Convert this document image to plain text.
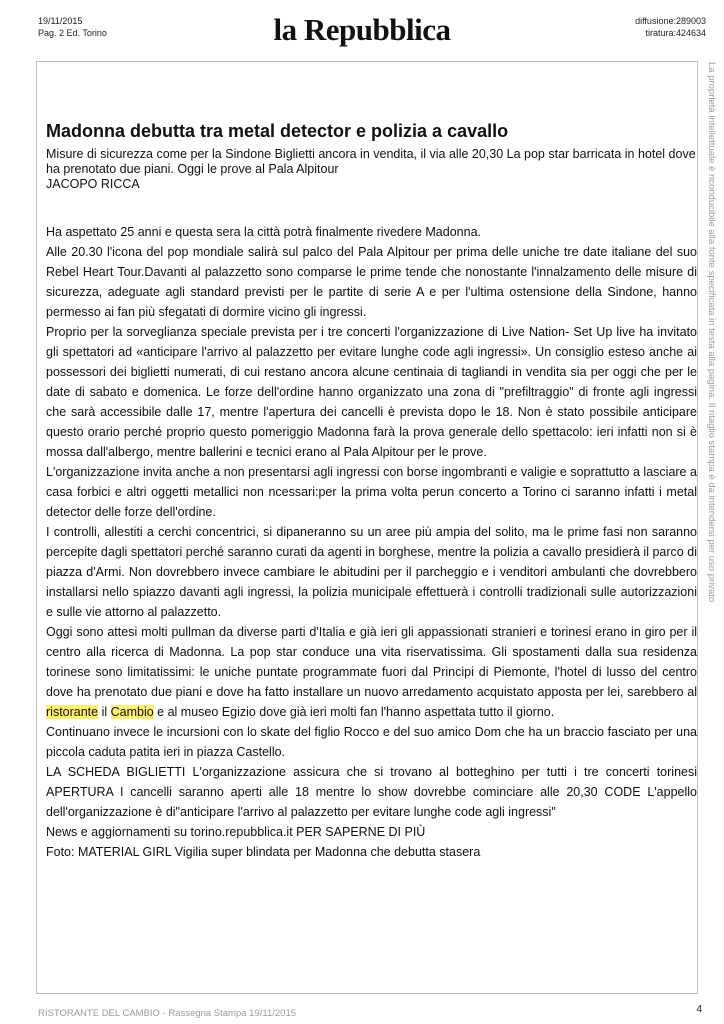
19/11/2015
Pag. 2 Ed. Torino	la Repubblica	diffusione:289003
tiratura:424634
La proprietà intellettuale è riconducibile alla fonte specificata in testa alla pagina. Il ritaglio stampa è da intendersi per uso privato
Madonna debutta tra metal detector e polizia a cavallo
Misure di sicurezza come per la Sindone Biglietti ancora in vendita, il via alle 20,30 La pop star barricata in hotel dove ha prenotato due piani. Oggi le prove al Pala Alpitour
JACOPO RICCA

Ha aspettato 25 anni e questa sera la città potrà finalmente rivedere Madonna.

Alle 20.30 l'icona del pop mondiale salirà sul palco del Pala Alpitour per prima delle uniche tre date italiane del suo Rebel Heart Tour.Davanti al palazzetto sono comparse le prime tende che nonostante l'innalzamento delle misure di sicurezza, adeguate agli standard previsti per le partite di serie A e per l'ultima ostensione della Sindone, hanno permesso ai fan più sfegatati di dormire vicino gli ingressi.

Proprio per la sorveglianza speciale prevista per i tre concerti l'organizzazione di Live Nation- Set Up live ha invitato gli spettatori ad «anticipare l'arrivo al palazzetto per evitare lunghe code agli ingressi». Un consiglio esteso anche ai possessori dei biglietti numerati, di cui restano ancora alcune centinaia di tagliandi in vendita sia per oggi che per le date di sabato e domenica. Le forze dell'ordine hanno organizzato una zona di "prefiltraggio" di fronte agli ingressi che sarà accessibile dalle 17, mentre l'apertura dei cancelli è prevista dopo le 18. Non è stato possibile anticipare questo orario perché proprio questo pomeriggio Madonna farà la prova generale dello spettacolo: ieri infatti non si è mossa dall'albergo, mentre ballerini e tecnici erano al Pala Alpitour per le prove.

L'organizzazione invita anche a non presentarsi agli ingressi con borse ingombranti e valigie e soprattutto a lasciare a casa forbici e altri oggetti metallici non ncessari:per la prima volta perun concerto a Torino ci saranno infatti i metal detector delle forze dell'ordine.

I controlli, allestiti a cerchi concentrici, si dipaneranno su un aree più ampia del solito, ma le prime fasi non saranno percepite dagli spettatori perché saranno curati da agenti in borghese, mentre la polizia a cavallo presidierà il parco di piazza d'Armi. Non dovrebbero invece cambiare le abitudini per il parcheggio e i venditori ambulanti che dovrebbero installarsi nello spiazzo davanti agli ingressi, la polizia municipale effettuerà i controlli tradizionali sulle autorizzazioni e sulle vie attorno al palazzetto.

Oggi sono attesi molti pullman da diverse parti d'Italia e già ieri gli appassionati stranieri e torinesi erano in giro per il centro alla ricerca di Madonna. La pop star conduce una vita riservatissima. Gli spostamenti dalla sua residenza torinese sono limitatissimi: le uniche puntate programmate fuori dal Principi di Piemonte, l'hotel di lusso del centro dove ha prenotato due piani e dove ha fatto installare un nuovo arredamento acquistato apposta per lei, sarebbero al ristorante il Cambio e al museo Egizio dove già ieri molti fan l'hanno aspettata tutto il giorno.

Continuano invece le incursioni con lo skate del figlio Rocco e del suo amico Dom che ha un braccio fasciato per una piccola caduta patita ieri in piazza Castello.

LA SCHEDA BIGLIETTI L'organizzazione assicura che si trovano al botteghino per tutti i tre concerti torinesi APERTURA I cancelli saranno aperti alle 18 mentre lo show dovrebbe cominciare alle 20,30 CODE L'appello dell'organizzazione è di"anticipare l'arrivo al palazzetto per evitare lunghe code agli ingressi"

News e aggiornamenti su torino.repubblica.it PER SAPERNE DI PIÙ

Foto: MATERIAL GIRL Vigilia super blindata per Madonna che debutta stasera

RISTORANTE DEL CAMBIO - Rassegna Stampa 19/11/2015	4
